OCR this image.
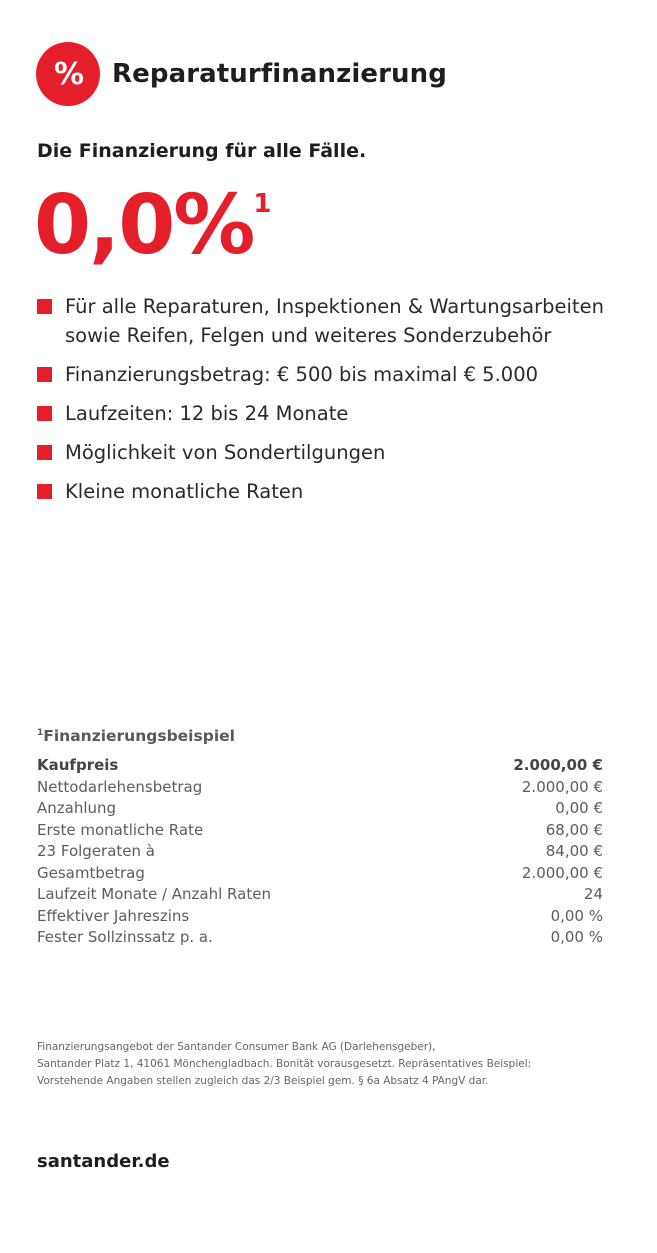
%	Reparaturfinanzierung
Die Finanzierung für alle Fälle.
0,0%$^1$
Für alle Reparaturen, Inspektionen & Wartungsarbeiten sowie Reifen, Felgen und weiteres Sonderzubehör
Finanzierungsbetrag: € 500 bis maximal € 5.000
Laufzeiten: 12 bis 24 Monate
Möglichkeit von Sondertilgungen
Kleine monatliche Raten
$^1$Finanzierungsbeispiel
Kaufpreis	2.000,00 €
Nettodarlehensbetrag	2.000,00 €
Anzahlung	0,00 €
Erste monatliche Rate	68,00 €
23 Folgeraten à	84,00 €
Gesamtbetrag	2.000,00 €
Laufzeit Monate / Anzahl Raten	24
Effektiver Jahreszins	0,00 %
Fester Sollzinssatz p. a.	0,00 %
Finanzierungsangebot der Santander Consumer Bank AG (Darlehensgeber),
Santander Platz 1, 41061 Mönchengladbach. Bonität vorausgesetzt. Repräsentatives Beispiel:
Vorstehende Angaben stellen zugleich das 2/3 Beispiel gem. § 6a Absatz 4 PAngV dar.
santander.de
